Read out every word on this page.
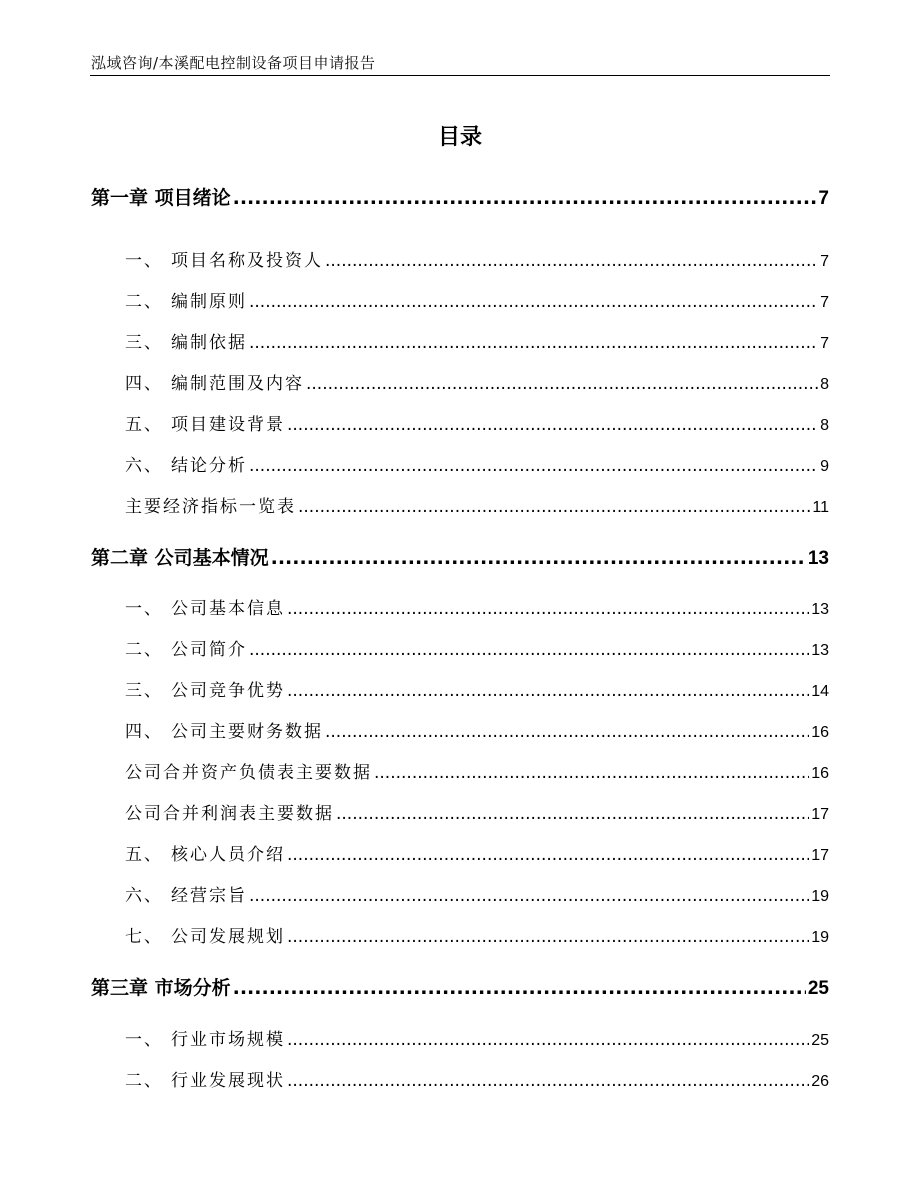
泓域咨询/本溪配电控制设备项目申请报告
目录
第一章 项目绪论 .....	7
一、 项目名称及投资人 .....	7
二、 编制原则 .....	7
三、 编制依据 .....	7
四、 编制范围及内容 .....	8
五、 项目建设背景 .....	8
六、 结论分析 .....	9
主要经济指标一览表 .....	11
第二章 公司基本情况 .....	13
一、 公司基本信息 .....	13
二、 公司简介 .....	13
三、 公司竞争优势 .....	14
四、 公司主要财务数据 .....	16
公司合并资产负债表主要数据 .....	16
公司合并利润表主要数据 .....	17
五、 核心人员介绍 .....	17
六、 经营宗旨 .....	19
七、 公司发展规划 .....	19
第三章 市场分析 .....	25
一、 行业市场规模 .....	25
二、 行业发展现状 .....	26
